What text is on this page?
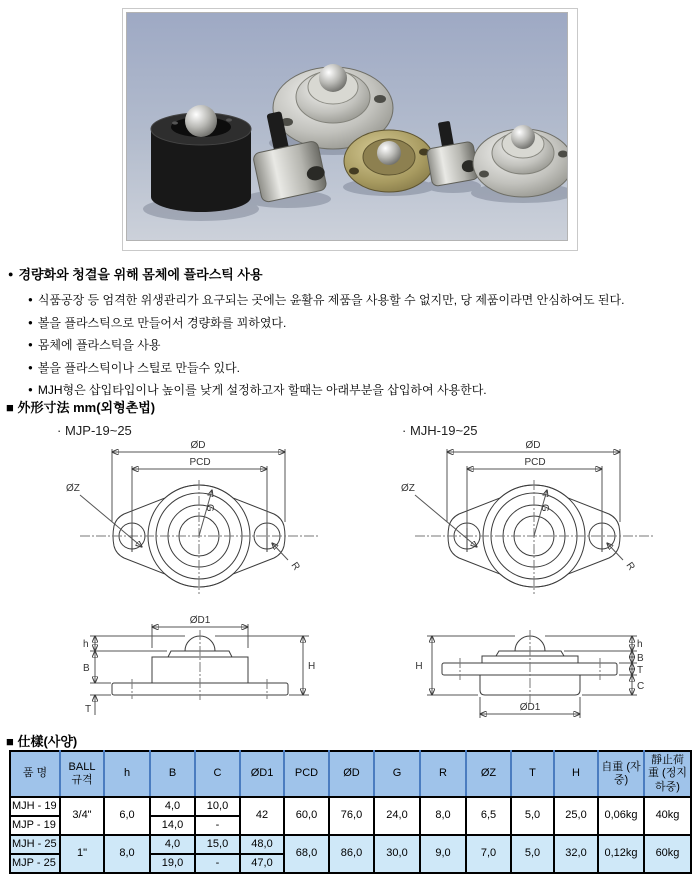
● 경량화와 청결을 위해 몸체에 플라스틱 사용
● 식품공장 등 엄격한 위생관리가 요구되는 곳에는 윤활유 제품을 사용할 수 없지만, 당 제품이라면 안심하여도 된다.
● 볼을 플라스틱으로 만들어서 경량화를 꾀하였다.
● 몸체에 플라스틱을 사용
● 볼을 플라스틱이나 스틸로 만들수 있다.
● MJH형은 삽입타입이나 높이를 낮게 설정하고자 할때는 아래부분을 삽입하여 사용한다.
■ 外形寸法 mm(외형촌법)
· MJP-19~25	· MJH-19~25
ØD
PCD
ØZ
G
R
ØD1
h
B
T
H
ØD
PCD
ØZ
G
R
H
h
B
T
C
ØD1
■ 仕樣(사양)
품 명	BALL 규격	h	B	C	ØD1	PCD	ØD	G	R	ØZ	T	H	自重 (자중)	靜止荷重 (정지하중)
MJH - 19	3/4"	6,0	4,0	10,0	42	60,0	76,0	24,0	8,0	6,5	5,0	25,0	0,06kg	40kg
MJP - 19			14,0	-										
MJH - 25	1"	8,0	4,0	15,0	48,0	68,0	86,0	30,0	9,0	7,0	5,0	32,0	0,12kg	60kg
MJP - 25			19,0	-	47,0									
